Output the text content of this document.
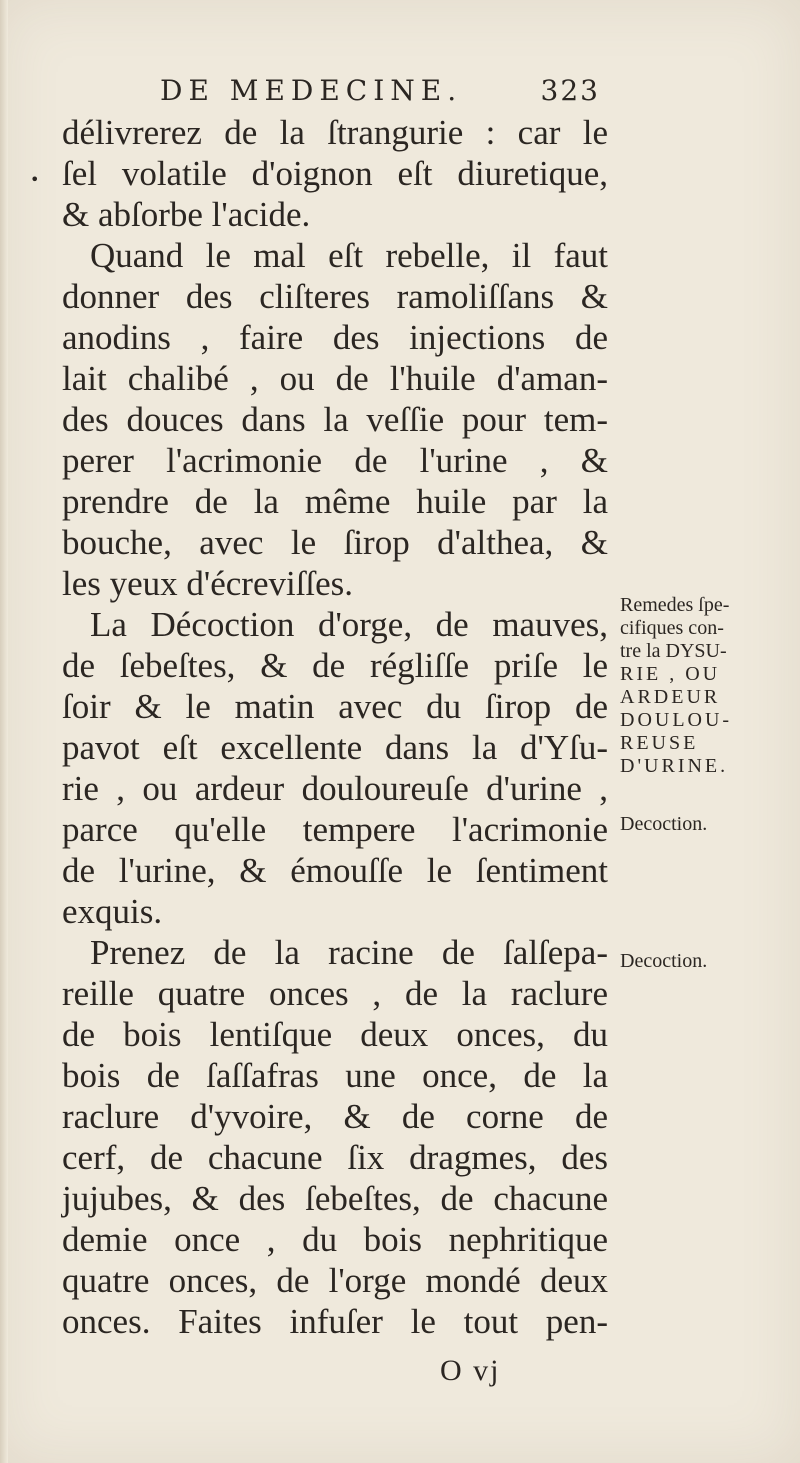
DE MEDECINE.	323
•
délivrerez de la ſtrangurie : car le
ſel volatile d'oignon eſt diuretique,
& abſorbe l'acide.
Quand le mal eſt rebelle, il faut
donner des cliſteres ramoliſſans &
anodins , faire des injections de
lait chalibé , ou de l'huile d'aman-
des douces dans la veſſie pour tem-
perer l'acrimonie de l'urine , &
prendre de la même huile par la
bouche, avec le ſirop d'althea, &
les yeux d'écreviſſes.
La Décoction d'orge, de mauves,
de ſebeſtes, & de régliſſe priſe le
ſoir & le matin avec du ſirop de
pavot eſt excellente dans la d'Yſu-
rie , ou ardeur douloureuſe d'urine ,
parce qu'elle tempere l'acrimonie
de l'urine, & émouſſe le ſentiment
exquis.
Prenez de la racine de ſalſepa-
reille quatre onces , de la raclure
de bois lentiſque deux onces, du
bois de ſaſſafras une once, de la
raclure d'yvoire, & de corne de
cerf, de chacune ſix dragmes, des
jujubes, & des ſebeſtes, de chacune
demie once , du bois nephritique
quatre onces, de l'orge mondé deux
onces. Faites infuſer le tout pen-
Remedes ſpe-
cifiques con-
tre la DYSU-
RIE , OU
ARDEUR
DOULOU-
REUSE
D'URINE.
Decoction.
Decoction.
O vj
